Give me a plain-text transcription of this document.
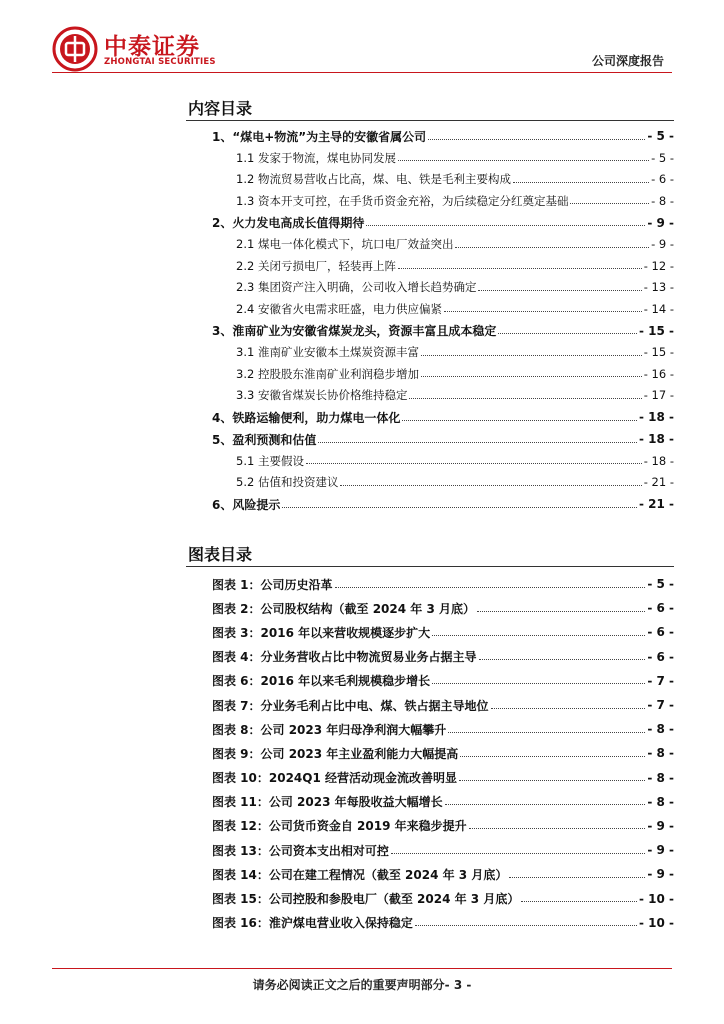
中泰证券
ZHONGTAI SECURITIES	公司深度报告
内容目录
1、“煤电+物流”为主导的安徽省属公司	- 5 -
1.1 发家于物流，煤电协同发展	- 5 -
1.2 物流贸易营收占比高，煤、电、铁是毛利主要构成	- 6 -
1.3 资本开支可控，在手货币资金充裕，为后续稳定分红奠定基础	- 8 -
2、火力发电高成长值得期待	- 9 -
2.1 煤电一体化模式下，坑口电厂效益突出	- 9 -
2.2 关闭亏损电厂，轻装再上阵	- 12 -
2.3 集团资产注入明确，公司收入增长趋势确定	- 13 -
2.4 安徽省火电需求旺盛，电力供应偏紧	- 14 -
3、淮南矿业为安徽省煤炭龙头，资源丰富且成本稳定	- 15 -
3.1 淮南矿业安徽本土煤炭资源丰富	- 15 -
3.2 控股股东淮南矿业利润稳步增加	- 16 -
3.3 安徽省煤炭长协价格维持稳定	- 17 -
4、铁路运输便利，助力煤电一体化	- 18 -
5、盈利预测和估值	- 18 -
5.1 主要假设	- 18 -
5.2 估值和投资建议	- 21 -
6、风险提示	- 21 -
图表目录
图表 1：公司历史沿革	- 5 -
图表 2：公司股权结构（截至 2024 年 3 月底）	- 6 -
图表 3：2016 年以来营收规模逐步扩大	- 6 -
图表 4：分业务营收占比中物流贸易业务占据主导	- 6 -
图表 6：2016 年以来毛利规模稳步增长	- 7 -
图表 7：分业务毛利占比中电、煤、铁占据主导地位	- 7 -
图表 8：公司 2023 年归母净利润大幅攀升	- 8 -
图表 9：公司 2023 年主业盈利能力大幅提高	- 8 -
图表 10：2024Q1 经营活动现金流改善明显	- 8 -
图表 11：公司 2023 年每股收益大幅增长	- 8 -
图表 12：公司货币资金自 2019 年来稳步提升	- 9 -
图表 13：公司资本支出相对可控	- 9 -
图表 14：公司在建工程情况（截至 2024 年 3 月底）	- 9 -
图表 15：公司控股和参股电厂（截至 2024 年 3 月底）	- 10 -
图表 16：淮沪煤电营业收入保持稳定	- 10 -
请务必阅读正文之后的重要声明部分- 3 -
